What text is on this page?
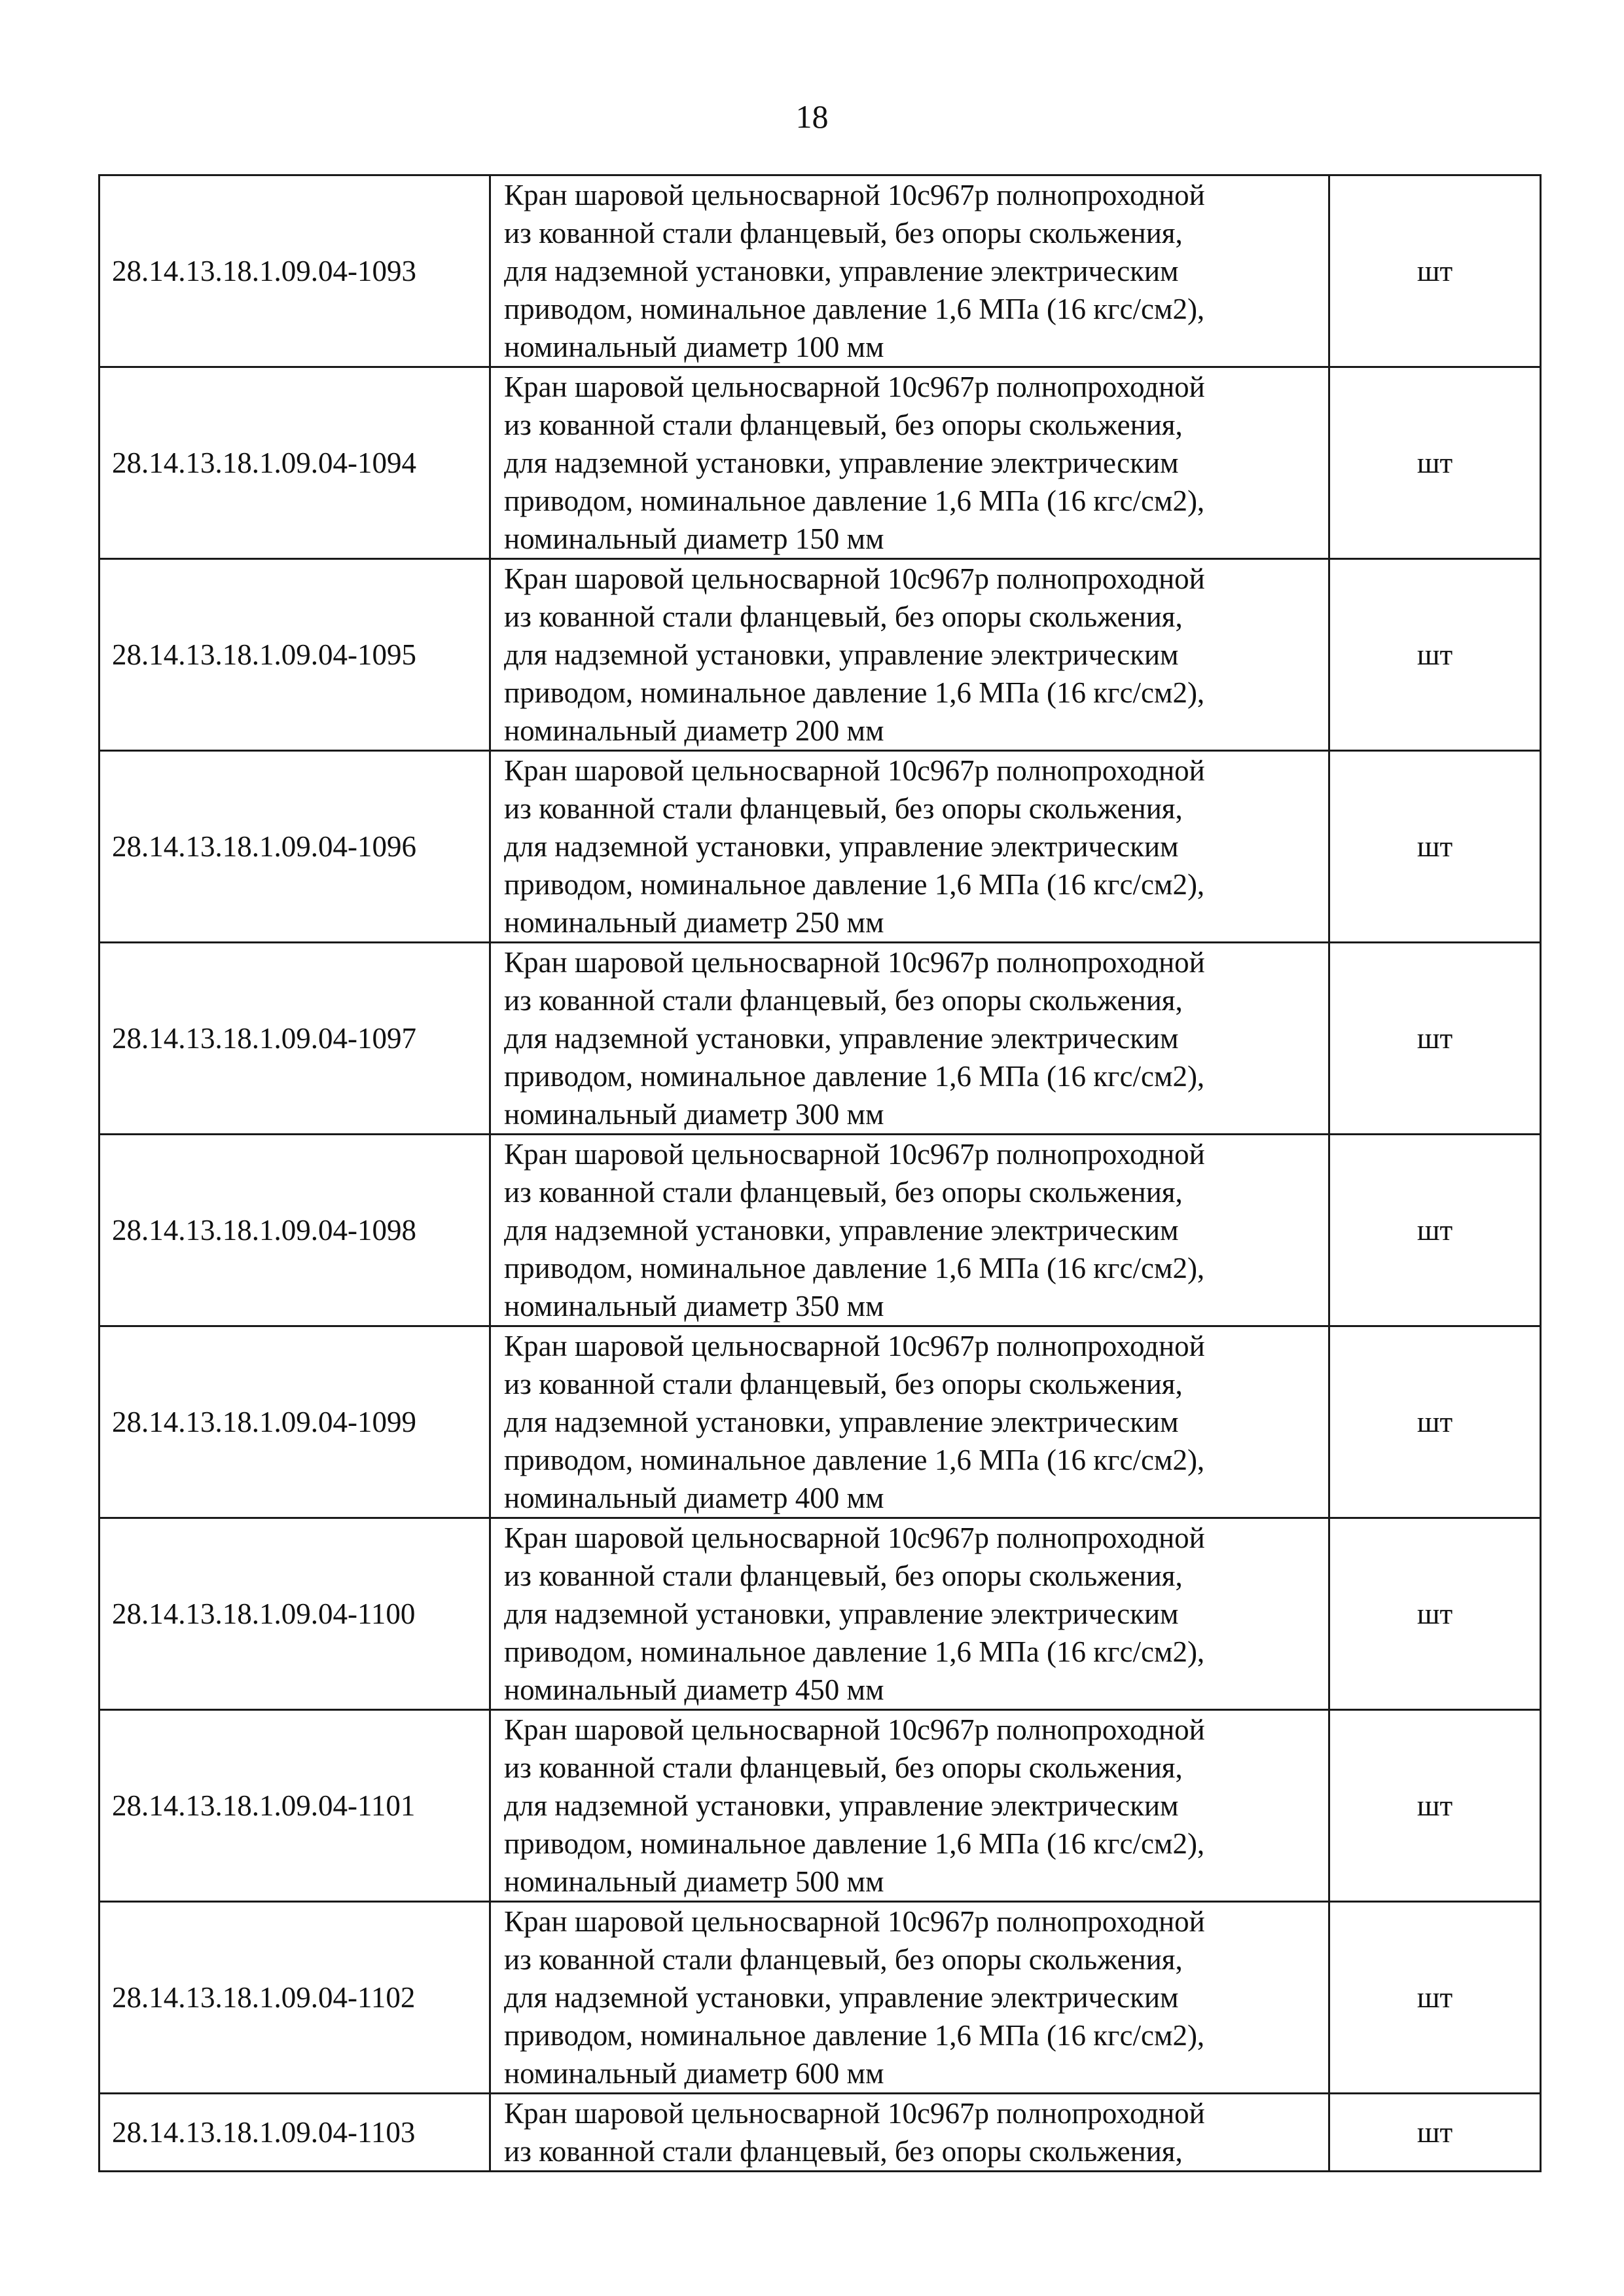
18
28.14.13.18.1.09.04-1093	Кран шаровой цельносварной 10с967р полнопроходной
из кованной стали фланцевый, без опоры скольжения,
для надземной установки, управление электрическим
приводом, номинальное давление 1,6 МПа (16 кгс/см2),
номинальный диаметр 100 мм	шт
28.14.13.18.1.09.04-1094	Кран шаровой цельносварной 10с967р полнопроходной
из кованной стали фланцевый, без опоры скольжения,
для надземной установки, управление электрическим
приводом, номинальное давление 1,6 МПа (16 кгс/см2),
номинальный диаметр 150 мм	шт
28.14.13.18.1.09.04-1095	Кран шаровой цельносварной 10с967р полнопроходной
из кованной стали фланцевый, без опоры скольжения,
для надземной установки, управление электрическим
приводом, номинальное давление 1,6 МПа (16 кгс/см2),
номинальный диаметр 200 мм	шт
28.14.13.18.1.09.04-1096	Кран шаровой цельносварной 10с967р полнопроходной
из кованной стали фланцевый, без опоры скольжения,
для надземной установки, управление электрическим
приводом, номинальное давление 1,6 МПа (16 кгс/см2),
номинальный диаметр 250 мм	шт
28.14.13.18.1.09.04-1097	Кран шаровой цельносварной 10с967р полнопроходной
из кованной стали фланцевый, без опоры скольжения,
для надземной установки, управление электрическим
приводом, номинальное давление 1,6 МПа (16 кгс/см2),
номинальный диаметр 300 мм	шт
28.14.13.18.1.09.04-1098	Кран шаровой цельносварной 10с967р полнопроходной
из кованной стали фланцевый, без опоры скольжения,
для надземной установки, управление электрическим
приводом, номинальное давление 1,6 МПа (16 кгс/см2),
номинальный диаметр 350 мм	шт
28.14.13.18.1.09.04-1099	Кран шаровой цельносварной 10с967р полнопроходной
из кованной стали фланцевый, без опоры скольжения,
для надземной установки, управление электрическим
приводом, номинальное давление 1,6 МПа (16 кгс/см2),
номинальный диаметр 400 мм	шт
28.14.13.18.1.09.04-1100	Кран шаровой цельносварной 10с967р полнопроходной
из кованной стали фланцевый, без опоры скольжения,
для надземной установки, управление электрическим
приводом, номинальное давление 1,6 МПа (16 кгс/см2),
номинальный диаметр 450 мм	шт
28.14.13.18.1.09.04-1101	Кран шаровой цельносварной 10с967р полнопроходной
из кованной стали фланцевый, без опоры скольжения,
для надземной установки, управление электрическим
приводом, номинальное давление 1,6 МПа (16 кгс/см2),
номинальный диаметр 500 мм	шт
28.14.13.18.1.09.04-1102	Кран шаровой цельносварной 10с967р полнопроходной
из кованной стали фланцевый, без опоры скольжения,
для надземной установки, управление электрическим
приводом, номинальное давление 1,6 МПа (16 кгс/см2),
номинальный диаметр 600 мм	шт
28.14.13.18.1.09.04-1103	Кран шаровой цельносварной 10с967р полнопроходной
из кованной стали фланцевый, без опоры скольжения,	шт
